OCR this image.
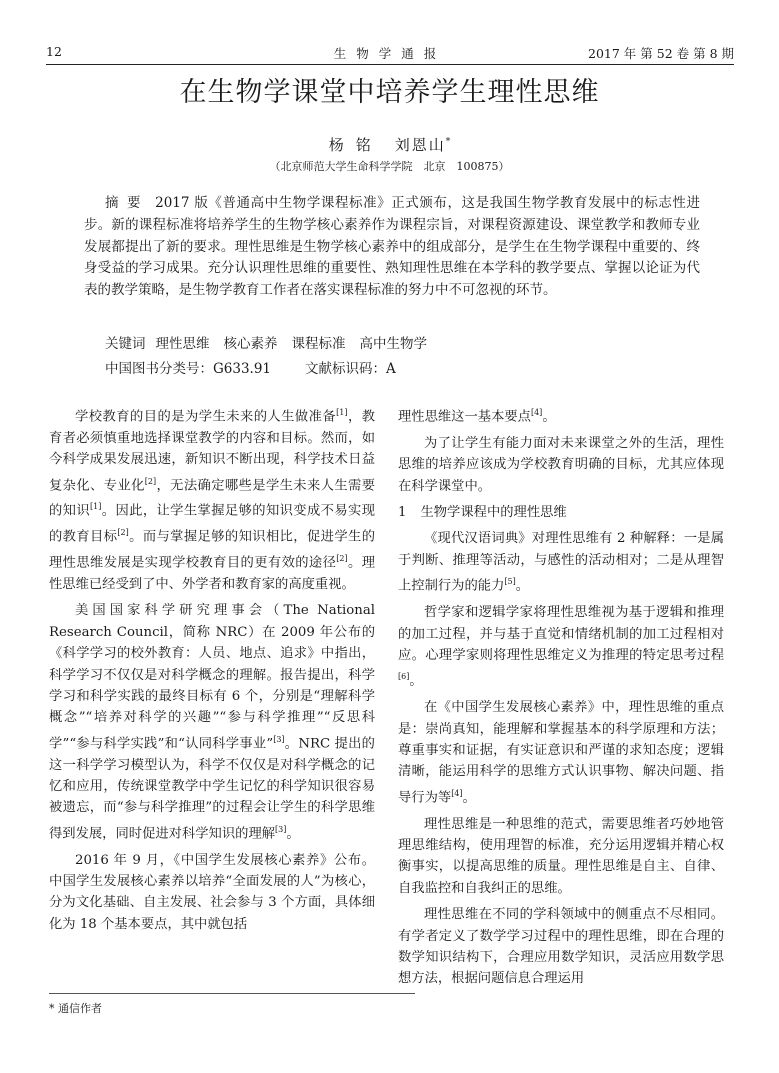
12	生物学通报	2017 年 第 52 卷 第 8 期
在生物学课堂中培养学生理性思维
杨铭 刘恩山*
（北京师范大学生命科学学院　北京　100875）
摘要 2017 版《普通高中生物学课程标准》正式颁布，这是我国生物学教育发展中的标志性进步。新的课程标准将培养学生的生物学核心素养作为课程宗旨，对课程资源建设、课堂教学和教师专业发展都提出了新的要求。理性思维是生物学核心素养中的组成部分，是学生在生物学课程中重要的、终身受益的学习成果。充分认识理性思维的重要性、熟知理性思维在本学科的教学要点、掌握以论证为代表的教学策略，是生物学教育工作者在落实课程标准的努力中不可忽视的环节。
关键词 理性思维 核心素养 课程标准 高中生物学
中国图书分类号：G633.91	文献标识码：A

学校教育的目的是为学生未来的人生做准备[1]，教育者必须慎重地选择课堂教学的内容和目标。然而，如今科学成果发展迅速，新知识不断出现，科学技术日益复杂化、专业化[2]，无法确定哪些是学生未来人生需要的知识[1]。因此，让学生掌握足够的知识变成不易实现的教育目标[2]。而与掌握足够的知识相比，促进学生的理性思维发展是实现学校教育目的更有效的途径[2]。理性思维已经受到了中、外学者和教育家的高度重视。

美国国家科学研究理事会（The National Research Council，简称 NRC）在 2009 年公布的《科学学习的校外教育：人员、地点、追求》中指出，科学学习不仅仅是对科学概念的理解。报告提出，科学学习和科学实践的最终目标有 6 个，分别是“理解科学概念”“培养对科学的兴趣”“参与科学推理”“反思科学”“参与科学实践”和“认同科学事业”[3]。NRC 提出的这一科学学习模型认为，科学不仅仅是对科学概念的记忆和应用，传统课堂教学中学生记忆的科学知识很容易被遗忘，而“参与科学推理”的过程会让学生的科学思维得到发展，同时促进对科学知识的理解[3]。

2016 年 9 月，《中国学生发展核心素养》公布。中国学生发展核心素养以培养“全面发展的人”为核心，分为文化基础、自主发展、社会参与 3 个方面，具体细化为 18 个基本要点，其中就包括

理性思维这一基本要点[4]。

为了让学生有能力面对未来课堂之外的生活，理性思维的培养应该成为学校教育明确的目标，尤其应体现在科学课堂中。

1 生物学课程中的理性思维

《现代汉语词典》对理性思维有 2 种解释：一是属于判断、推理等活动，与感性的活动相对；二是从理智上控制行为的能力[5]。

哲学家和逻辑学家将理性思维视为基于逻辑和推理的加工过程，并与基于直觉和情绪机制的加工过程相对应。心理学家则将理性思维定义为推理的特定思考过程[6]。

在《中国学生发展核心素养》中，理性思维的重点是：崇尚真知，能理解和掌握基本的科学原理和方法；尊重事实和证据，有实证意识和严谨的求知态度；逻辑清晰，能运用科学的思维方式认识事物、解决问题、指导行为等[4]。

理性思维是一种思维的范式，需要思维者巧妙地管理思维结构，使用理智的标准，充分运用逻辑并精心权衡事实，以提高思维的质量。理性思维是自主、自律、自我监控和自我纠正的思维。

理性思维在不同的学科领域中的侧重点不尽相同。有学者定义了数学学习过程中的理性思维，即在合理的数学知识结构下，合理应用数学知识，灵活应用数学思想方法，根据问题信息合理运用

* 通信作者
